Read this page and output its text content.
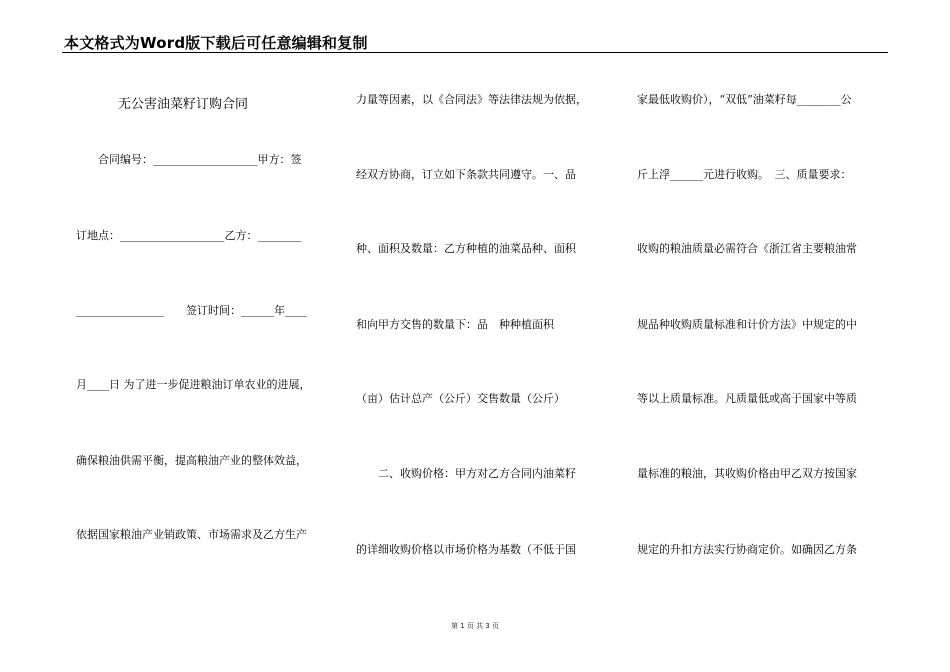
本文格式为Word版下载后可任意编辑和复制
无公害油菜籽订购合同
　　合同编号：___________________甲方：签
订地点：___________________乙方：________
________________　　签订时间：______年____
月____日 为了进一步促进粮油订单农业的进展，
确保粮油供需平衡，提高粮油产业的整体效益，
依据国家粮油产业销政策、市场需求及乙方生产
力量等因素，以《合同法》等法律法规为依据，
经双方协商，订立如下条款共同遵守。一、品
种、面积及数量：乙方种植的油菜品种、面积
和向甲方交售的数量下：品　种种植面积
（亩）估计总产（公斤）交售数量（公斤）
　　二、收购价格：甲方对乙方合同内油菜籽
的详细收购价格以市场价格为基数（不低于国
家最低收购价），“双低”油菜籽每________公
斤上浮______元进行收购。　三、质量要求：
收购的粮油质量必需符合《浙江省主要粮油常
规品种收购质量标准和计价方法》中规定的中
等以上质量标准。凡质量低或高于国家中等质
量标准的粮油，其收购价格由甲乙双方按国家
规定的升扣方法实行协商定价。如确因乙方条
第 1 页 共 3 页
